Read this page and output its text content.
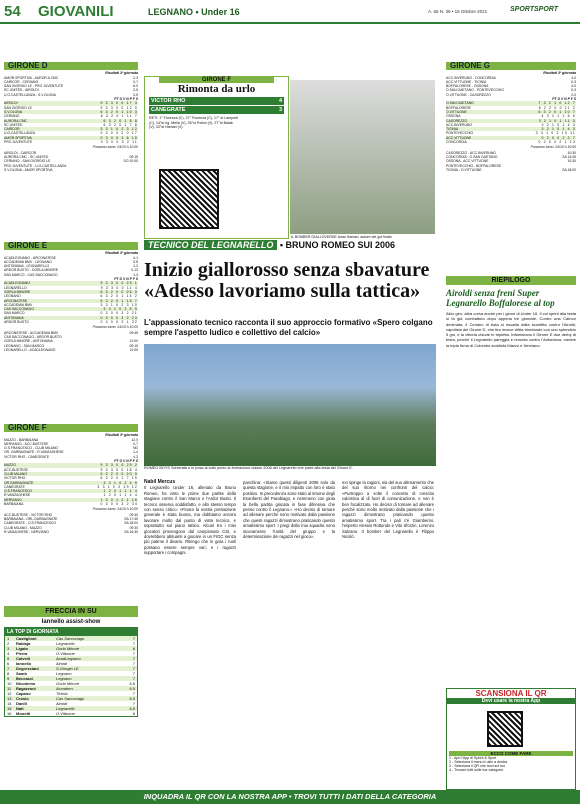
54 GIOVANILI	LEGNANO • Under 16	A. 65 N. 39 • 18 Ottobre 2021	SPORTSPORT
GIRONE D
Risultati 3ª giornata
AMOR SPORTIVA - AUROR A CMC	2-3
CAIRCOR - CERIANO	0-7
SAN GIORGIO LE - PRO JUVENTUTE	6-0
SC UNITED - AIROLDI	2-5
U.G.CASTELLANZA - S.V.OLONA	0-5
PT G V N P F S
AIROLDI	9 3 3 0 0 17 4
SAN GIORGIO LE	9 3 3 0 0 12 0
S.V.OLONA	6 3 2 0 1 10 3
CERIANO	6 3 2 0 1 11 7
AURORA CMC	6 3 2 0 1 5 8
SC UNITED	6 3 2 0 1 7 6
CAIRCOR	3 3 1 0 2 3 12
U.G.CASTELLANZA	0 3 0 0 2 0 17
AMOR SPORTIVA	0 3 0 0 3 6 15
PRO JUVENTUTE	0 3 0 0 3 2 11
Prossimo turno: 24/10 h.10:00
AIROLDI - CAIRCOR
AURORA CMC - SC UNITED	09:15
CERIANO - SAN GIORGIO LE	DO 10:00
PRO JUVENTUTE - U.G.CASTELLANZA
S.V.OLONA - AMOR SPORTIVA
GIRONE E
Risultati 3ª giornata
ACADLEGNANO - ARCONATESE	4-1
ACCADEMIA BMV - LEGNANO	0-8
ANTONIANA - LEGNARELLO	1-2
ARDOR BUSTO - GORLA MINORE	0-13
SAN MARCO - CAS SACCONAGO	1-3
PT G V N P F S
ACADLEGNANO	9 3 3 0 0 29 1
LEGNARELLO	9 3 3 0 0 11 4
GORLA MINORE	6 3 2 0 0 26 0
LEGNANO	6 3 2 0 1 14 2
ARCONATESE	6 3 2 0 1 15 7
ACCADEMIA BMV	3 3 1 0 2 3 10
CAS SACCONAGO	3 3 1 0 2 5 9
SAN MARCO	0 3 0 0 3 2 21
ANTONIANA	0 3 0 0 3 2 23
ARDOR BUSTO	0 3 0 0 3 1 32
Prossimo turno: 24/10 h.10:00
ARCONATESE - ACCADEMIA BMV	09:45
CAS SACCONAGO - ARDOR BUSTO
GORLA MINORE - ANTONIANA	11:00
LEGNANO - SAN MARCO	09:15
LEGNARELLO - ACADLEGNANO	11:00
GIRONE F
Risultati 3ª giornata
MAZZO - BARBAIANA	12-0
NERVIANO - ACC.BUSTESE	0-7
O.S.FRANCESCO - CLUB MILANO	ND
OR. GARBAGNATE - R.VANZAGHESE	1-4
VICTOR RHO - CANEGRATE	4-3
PT G V N P F S
MAZZO	9 3 3 0 0 29 2
ACC.BUSTESE	9 3 3 0 0 18 4
CLUB MILANO	6 2 2 0 0 20 0
VICTOR RHO	6 3 2 0 1 7 19
OR.GARBAGNATE	3 3 1 0 2 4 9
CANEGRATE	3 3 1 0 2 19 12
O.S.FRANCESCO	1 2 0 1 1 1 4
R.VANZAGHESE	1 2 0 1 1 4 4
NERVIANO	1 3 0 1 2 1 16
BARBAIANA	0 3 0 0 3 2 34
Prossimo turno: 24/10 h.10:00
ACC.BUSTESE - VICTOR RHO	09:30
BARBAIANA - ORL.GARBAGNATE	SA 17:45
CANEGRATE - O.S.FRANCESCO	SA 18:00
CLUB MILANO - MAZZO	09:30
R.VADAGHESE - NERVIANO	SA 16:30
GIRONE G
Risultati 3ª giornata
ACC.INVERUNO - CONCORDIA	4-0
ACC.VITTUONE - TICINIA	0-3
BOFFALORESE - OSSONA	4-0
O.SAN GAETANO - PONTEVECCHIO	0-3
O.VITTUONE - CASOREZZO	2-0
PT G V N P F S
O.SAN GAETANO	7 3 2 1 0 12 7
BOFFALORESE	6 2 2 0 0 11 2
O.VITTUONE	6 3 2 0 1 10 7
OSSONA	4 3 1 1 1 6 6
CASOREZZO	3 2 1 0 1 11 3
ACC.INVERUNO	3 2 1 0 1 4 3
TICINIA	3 2 1 0 1 4 3
PONTEVECCHIO	3 3 1 0 2 10 11
ACC.VITTUONE	0 2 0 0 2 2 7
CONCORDIA	0 2 0 0 2 1 13
Prossimo turno: 24/10 h.10:00
CASOREZZO - ACC.INVERUNO	10:30
CONCORDIA - O.SAN GAETANO	SA 14:45
OSSONA - ACC.VITTUONE	10:30
PONTEVECCHIO - BOFFALORESE
TICINIA - O.VITTUONE	SA 18:00
GIRONE F
Rimonta da urlo
VICTOR RHO	4
CANEGRATE	3
RETI: 1° Fiorenza (C), 27° Fiorenza (C), 17° st Lamperti (C), 14°st rig. Mella (V), 26°st Polesi (V), 27°st Balab (V), 33°st Hamari (V).
IL BOMBER GIALLOVERDE Anas Hamari, autore del gol finale
TECNICO DEL LEGNARELLO • BRUNO ROMEO SUI 2006
Inizio giallorosso senza sbavature «Adesso lavoriamo sulla tattica»
L'appassionato tecnico racconta il suo approccio formativo «Spero colgano sempre l'aspetto ludico e collettivo del calcio»
ROMEO BOYS Schierata e in posa al tutto punto la formazione classe 2006 del Legnarello che parte alla testa del Girone E.
Nabil Mercus
Il Legnarello Under 16, allenato da Bruno Romeo, ha vinto le prime due partite della stagione contro il San Marco e l'Ardor Busto. Il tecnico osserva soddisfatto, e allo stesso tempo con senso critico: «Finora la nostra prestazione generale è stata buona, ma dobbiamo ancora lavorare molto dal punto di vista tecnico, e soprattutto sul piano tattico. Alcuni tra i miei giocatori provengono dal campionato CSI, e dovrebbero abituarsi a giocare in un FIGC senza più patirne il divario. Ritengo che in gara i ruoli possano essere sempre vari, e i ragazzi supportare i compagni.
panchina: «Siamo questi diligenti 2006 solo da questa stagione, e il mio impatto con loro è stato positivo. In precedenza sono stato al timone degli Esordienti del Parabiago, e nemmeno con gioia la bella partita giocata in fase difensiva che penso contro il Legnano.» «Ho deciso di tornare ad allenare perché sono motivato dalla passione che questi ragazzi dimostrano praticando questo amatissimo sport. I pregi della mia squadra sono sicuramente l'unità del gruppo e la determinazione dei ragazzi nel gioco».
mo spinge la ragioni, sia del suo allenamento che del suo ritorno nei confronti del calcio: «Purtroppo a volte il concetto di crescita calcistica al di fuori di comunicazione, e non è ben focalizzato. Ho deciso di tornare ad allenare perché sono molto motivato dalla passione che i ragazzi dimostrano praticando questo amatissimo sport. Tra i pali c'è Giamberini, l'esperto Alessio Rottundo e Vito Sforzin, Lorenzo Salzano. Il bomber del Legnarello è Filippo Nicolò.
RIEPILOGO
Airoldi senza freni Super Legnarello Boffalorese al top

Altro giro, altra corsa anche per i gironi di Under 16. Il cui sprint alla testa si fa già combattuto dopo appena tre giornate. Contro una Caircor decimata, il Ceriano di Asta si riscatta dalla sconfitta contro l'Airoldi, capolista del Girone D, che tira invece dritta trionfando con uno splendido 5 gol, e la vittoria chiude in tripletta. Infiammano il Girone E due derby di testa, perché il Legnarello pareggia e rimonta contro l'Antoniana, mentre la tripla firma di Colombo soddisfa Mazzo e Nerviano.

SCANSIONA IL QR
Devi usare la nostra App
ECCO COME FARE
1 - Apri l'App di Sprint & Sport
2 - Seleziona il menu in alto a destra
3 - Seleziona il QR che trovi sul tuo
4 - Trovare tutti sulle tue categorie
FRECCIA IN SU
Iannello assist-show
LA TOP DI GIORNATA
1	Castiglioni	Cas Sacconago	7
2	Rabiaja	Legnarello	7
3	Ligato	Gorla Minore	6
4	Pirera	O.Vittuone	7
5	Calvelli	AcadLegnano	7
6	Iannello	Airoldi	7
7	Degresciani	S.Giorgio LE	7
8	Samb	Legnano	7
9	Beccacci	Legnano	7
10	Nicodemo	Gorla Minore	6.5
11	Ragazzoni	Accadem.	6.5
12	Capano	Ticinia	7
13	Crosio	Cas Sacconago	6.5
14	Danili	Airoldi	7
15	Nati	Legnarello	6.5
16	Monetti	O.Vittuone	6
INQUADRA IL QR CON LA NOSTRA APP • TROVI TUTTI I DATI DELLA CATEGORIA
